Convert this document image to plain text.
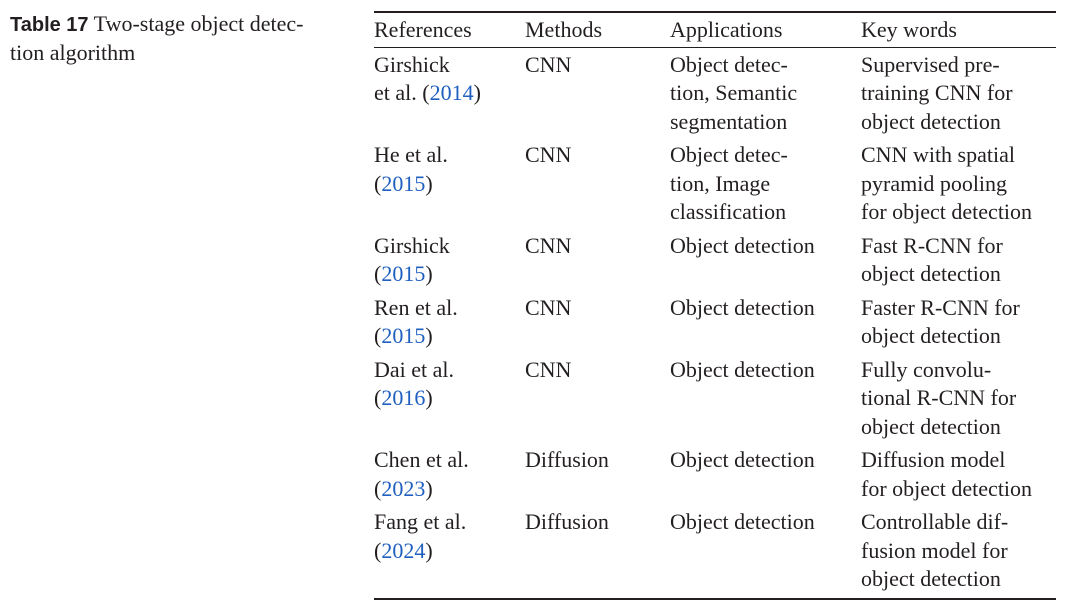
Table 17 Two-stage object detec-
tion algorithm
References	Methods	Applications	Key words

Girshick
et al. (2014)	CNN	Object detec-
tion, Semantic
segmentation	Supervised pre-
training CNN for
object detection

He et al.
(2015)	CNN	Object detec-
tion, Image
classification	CNN with spatial
pyramid pooling
for object detection

Girshick
(2015)	CNN	Object detection	Fast R-CNN for
object detection

Ren et al.
(2015)	CNN	Object detection	Faster R-CNN for
object detection

Dai et al.
(2016)	CNN	Object detection	Fully convolu-
tional R-CNN for
object detection

Chen et al.
(2023)	Diffusion	Object detection	Diffusion model
for object detection

Fang et al.
(2024)	Diffusion	Object detection	Controllable dif-
fusion model for
object detection
